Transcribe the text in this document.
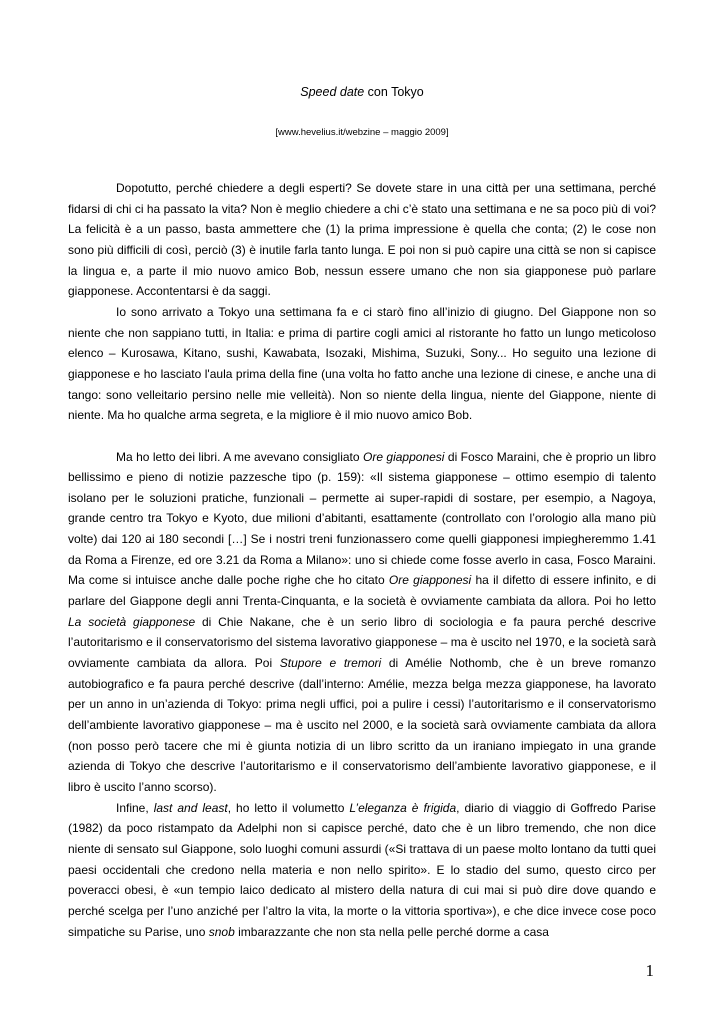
Speed date con Tokyo
[www.hevelius.it/webzine – maggio 2009]

Dopotutto, perché chiedere a degli esperti? Se dovete stare in una città per una settimana, perché fidarsi di chi ci ha passato la vita? Non è meglio chiedere a chi c’è stato una settimana e ne sa poco più di voi? La felicità è a un passo, basta ammettere che (1) la prima impressione è quella che conta; (2) le cose non sono più difficili di così, perciò (3) è inutile farla tanto lunga. E poi non si può capire una città se non si capisce la lingua e, a parte il mio nuovo amico Bob, nessun essere umano che non sia giapponese può parlare giapponese. Accontentarsi è da saggi.

Io sono arrivato a Tokyo una settimana fa e ci starò fino all’inizio di giugno. Del Giappone non so niente che non sappiano tutti, in Italia: e prima di partire cogli amici al ristorante ho fatto un lungo meticoloso elenco – Kurosawa, Kitano, sushi, Kawabata, Isozaki, Mishima, Suzuki, Sony... Ho seguito una lezione di giapponese e ho lasciato l'aula prima della fine (una volta ho fatto anche una lezione di cinese, e anche una di tango: sono velleitario persino nelle mie velleità). Non so niente della lingua, niente del Giappone, niente di niente. Ma ho qualche arma segreta, e la migliore è il mio nuovo amico Bob.

Ma ho letto dei libri. A me avevano consigliato Ore giapponesi di Fosco Maraini, che è proprio un libro bellissimo e pieno di notizie pazzesche tipo (p. 159): «Il sistema giapponese – ottimo esempio di talento isolano per le soluzioni pratiche, funzionali – permette ai super-rapidi di sostare, per esempio, a Nagoya, grande centro tra Tokyo e Kyoto, due milioni d’abitanti, esattamente (controllato con l’orologio alla mano più volte) dai 120 ai 180 secondi […] Se i nostri treni funzionassero come quelli giapponesi impiegheremmo 1.41 da Roma a Firenze, ed ore 3.21 da Roma a Milano»: uno si chiede come fosse averlo in casa, Fosco Maraini. Ma come si intuisce anche dalle poche righe che ho citato Ore giapponesi ha il difetto di essere infinito, e di parlare del Giappone degli anni Trenta-Cinquanta, e la società è ovviamente cambiata da allora. Poi ho letto La società giapponese di Chie Nakane, che è un serio libro di sociologia e fa paura perché descrive l’autoritarismo e il conservatorismo del sistema lavorativo giapponese – ma è uscito nel 1970, e la società sarà ovviamente cambiata da allora. Poi Stupore e tremori di Amélie Nothomb, che è un breve romanzo autobiografico e fa paura perché descrive (dall’interno: Amélie, mezza belga mezza giapponese, ha lavorato per un anno in un’azienda di Tokyo: prima negli uffici, poi a pulire i cessi) l’autoritarismo e il conservatorismo dell’ambiente lavorativo giapponese – ma è uscito nel 2000, e la società sarà ovviamente cambiata da allora (non posso però tacere che mi è giunta notizia di un libro scritto da un iraniano impiegato in una grande azienda di Tokyo che descrive l’autoritarismo e il conservatorismo dell’ambiente lavorativo giapponese, e il libro è uscito l’anno scorso).

Infine, last and least, ho letto il volumetto L’eleganza è frigida, diario di viaggio di Goffredo Parise (1982) da poco ristampato da Adelphi non si capisce perché, dato che è un libro tremendo, che non dice niente di sensato sul Giappone, solo luoghi comuni assurdi («Si trattava di un paese molto lontano da tutti quei paesi occidentali che credono nella materia e non nello spirito». E lo stadio del sumo, questo circo per poveracci obesi, è «un tempio laico dedicato al mistero della natura di cui mai si può dire dove quando e perché scelga per l’uno anziché per l’altro la vita, la morte o la vittoria sportiva»), e che dice invece cose poco simpatiche su Parise, uno snob imbarazzante che non sta nella pelle perché dorme a casa

1
